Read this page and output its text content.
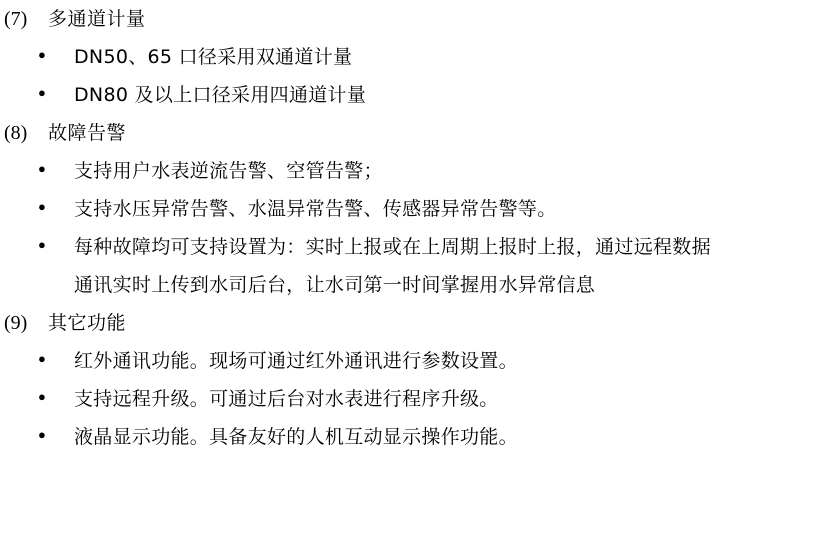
(7)	多通道计量
●
DN50、65 口径采用双通道计量
●
DN80 及以上口径采用四通道计量
(8)	故障告警
●
支持用户水表逆流告警、空管告警；
●
支持水压异常告警、水温异常告警、传感器异常告警等。
●
每种故障均可支持设置为：实时上报或在上周期上报时上报，通过远程数据通讯实时上传到水司后台，让水司第一时间掌握用水异常信息
(9)	其它功能
●
红外通讯功能。现场可通过红外通讯进行参数设置。
●
支持远程升级。可通过后台对水表进行程序升级。
●
液晶显示功能。具备友好的人机互动显示操作功能。
